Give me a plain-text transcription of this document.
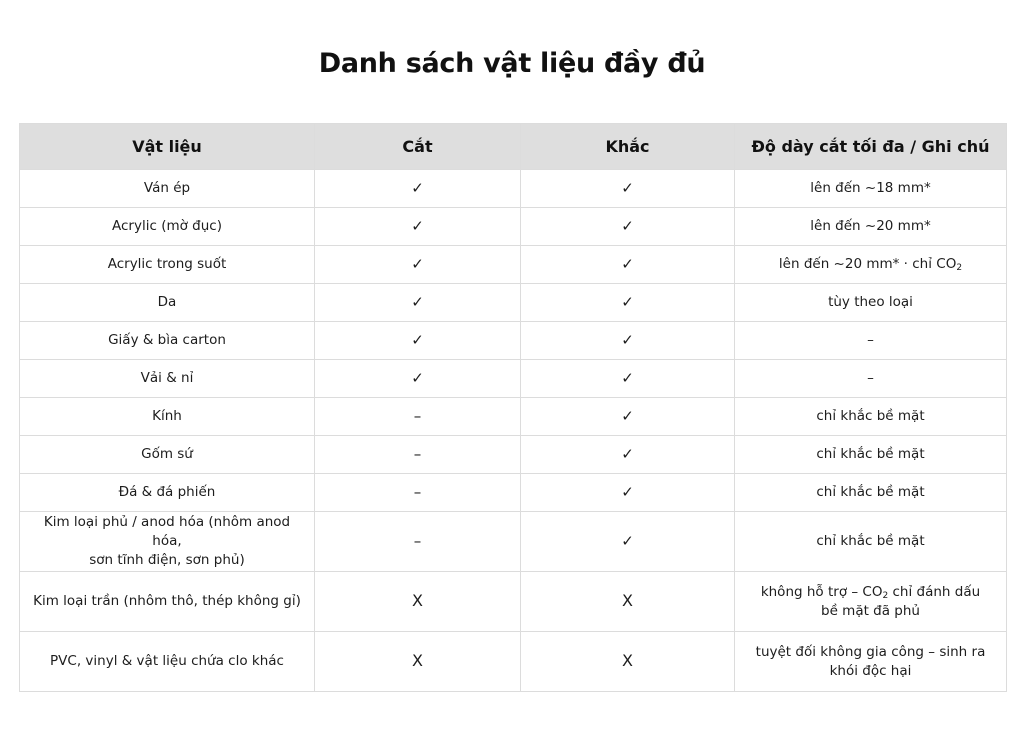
Danh sách vật liệu đầy đủ
Vật liệu	Cắt	Khắc	Độ dày cắt tối đa / Ghi chú
Ván ép	✓	✓	lên đến ~18 mm*
Acrylic (mờ đục)	✓	✓	lên đến ~20 mm*
Acrylic trong suốt	✓	✓	lên đến ~20 mm* · chỉ $CO_2$
Da	✓	✓	tùy theo loại
Giấy & bìa carton	✓	✓	–
Vải & nỉ	✓	✓	–
Kính	–	✓	chỉ khắc bề mặt
Gốm sứ	–	✓	chỉ khắc bề mặt
Đá & đá phiến	–	✓	chỉ khắc bề mặt
Kim loại phủ / anod hóa (nhôm anod hóa,
sơn tĩnh điện, sơn phủ)	–	✓	chỉ khắc bề mặt
Kim loại trần (nhôm thô, thép không gỉ)	X	X	không hỗ trợ – $CO_2$ chỉ đánh dấu
bề mặt đã phủ
PVC, vinyl & vật liệu chứa clo khác	X	X	tuyệt đối không gia công – sinh ra
khói độc hại
